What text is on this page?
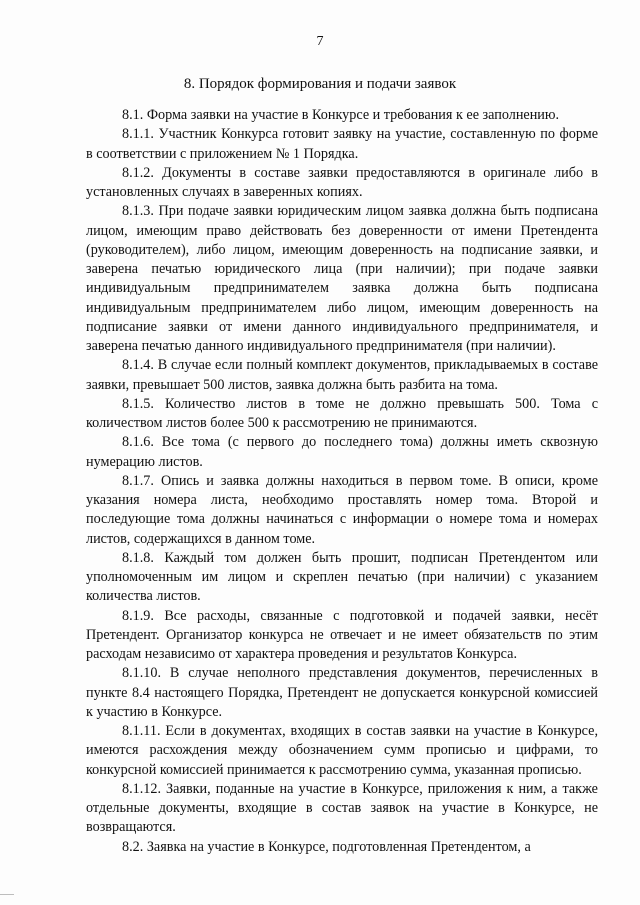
7
8. Порядок формирования и подачи заявок

8.1. Форма заявки на участие в Конкурсе и требования к ее заполнению.

8.1.1. Участник Конкурса готовит заявку на участие, составленную по форме в соответствии с приложением № 1 Порядка.

8.1.2. Документы в составе заявки предоставляются в оригинале либо в установленных случаях в заверенных копиях.

8.1.3. При подаче заявки юридическим лицом заявка должна быть подписана лицом, имеющим право действовать без доверенности от имени Претендента (руководителем), либо лицом, имеющим доверенность на подписание заявки, и заверена печатью юридического лица (при наличии); при подаче заявки индивидуальным предпринимателем заявка должна быть подписана индивидуальным предпринимателем либо лицом, имеющим доверенность на подписание заявки от имени данного индивидуального предпринимателя, и заверена печатью данного индивидуального предпринимателя (при наличии).

8.1.4. В случае если полный комплект документов, прикладываемых в составе заявки, превышает 500 листов, заявка должна быть разбита на тома.

8.1.5. Количество листов в томе не должно превышать 500. Тома с количеством листов более 500 к рассмотрению не принимаются.

8.1.6. Все тома (с первого до последнего тома) должны иметь сквозную нумерацию листов.

8.1.7. Опись и заявка должны находиться в первом томе. В описи, кроме указания номера листа, необходимо проставлять номер тома. Второй и последующие тома должны начинаться с информации о номере тома и номерах листов, содержащихся в данном томе.

8.1.8. Каждый том должен быть прошит, подписан Претендентом или уполномоченным им лицом и скреплен печатью (при наличии) с указанием количества листов.

8.1.9. Все расходы, связанные с подготовкой и подачей заявки, несёт Претендент. Организатор конкурса не отвечает и не имеет обязательств по этим расходам независимо от характера проведения и результатов Конкурса.

8.1.10. В случае неполного представления документов, перечисленных в пункте 8.4 настоящего Порядка, Претендент не допускается конкурсной комиссией к участию в Конкурсе.

8.1.11. Если в документах, входящих в состав заявки на участие в Конкурсе, имеются расхождения между обозначением сумм прописью и цифрами, то конкурсной комиссией принимается к рассмотрению сумма, указанная прописью.

8.1.12. Заявки, поданные на участие в Конкурсе, приложения к ним, а также отдельные документы, входящие в состав заявок на участие в Конкурсе, не возвращаются.

8.2. Заявка на участие в Конкурсе, подготовленная Претендентом, а
